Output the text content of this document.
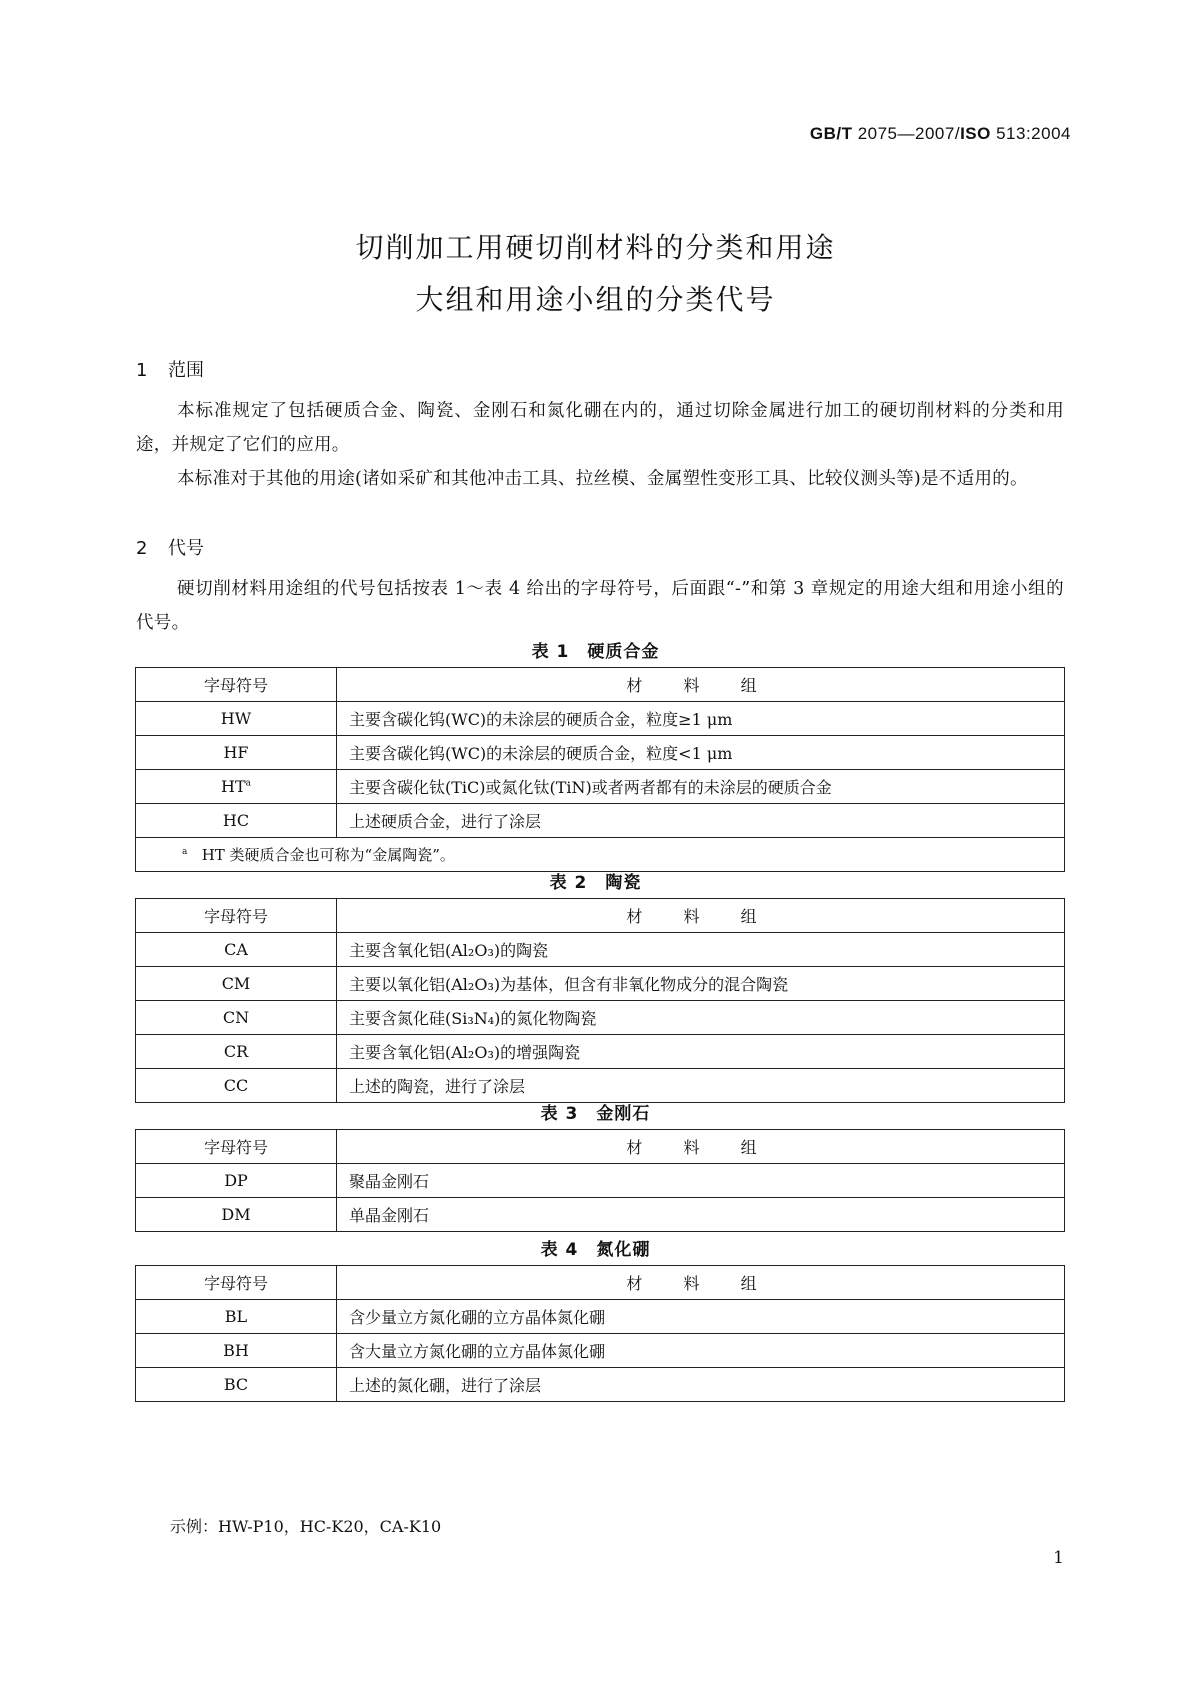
GB/T 2075—2007/ISO 513:2004
切削加工用硬切削材料的分类和用途
大组和用途小组的分类代号
1 范围
本标准规定了包括硬质合金、陶瓷、金刚石和氮化硼在内的，通过切除金属进行加工的硬切削材料的分类和用途，并规定了它们的应用。
本标准对于其他的用途(诸如采矿和其他冲击工具、拉丝模、金属塑性变形工具、比较仪测头等)是不适用的。
2 代号
硬切削材料用途组的代号包括按表 1～表 4 给出的字母符号，后面跟“-”和第 3 章规定的用途大组和用途小组的代号。
表 1　硬质合金
字母符号	材 料 组
HW	主要含碳化钨(WC)的未涂层的硬质合金，粒度≥1 μm
HF	主要含碳化钨(WC)的未涂层的硬质合金，粒度<1 μm
$HT^a$	主要含碳化钛(TiC)或氮化钛(TiN)或者两者都有的未涂层的硬质合金
HC	上述硬质合金，进行了涂层
$^a$ HT 类硬质合金也可称为“金属陶瓷”。	
表 2　陶瓷
字母符号	材 料 组
CA	主要含氧化铝(Al₂O₃)的陶瓷
CM	主要以氧化铝(Al₂O₃)为基体，但含有非氧化物成分的混合陶瓷
CN	主要含氮化硅(Si₃N₄)的氮化物陶瓷
CR	主要含氧化铝(Al₂O₃)的增强陶瓷
CC	上述的陶瓷，进行了涂层
表 3　金刚石
字母符号	材 料 组
DP	聚晶金刚石
DM	单晶金刚石
表 4　氮化硼
字母符号	材 料 组
BL	含少量立方氮化硼的立方晶体氮化硼
BH	含大量立方氮化硼的立方晶体氮化硼
BC	上述的氮化硼，进行了涂层
示例：HW-P10，HC-K20，CA-K10
1
